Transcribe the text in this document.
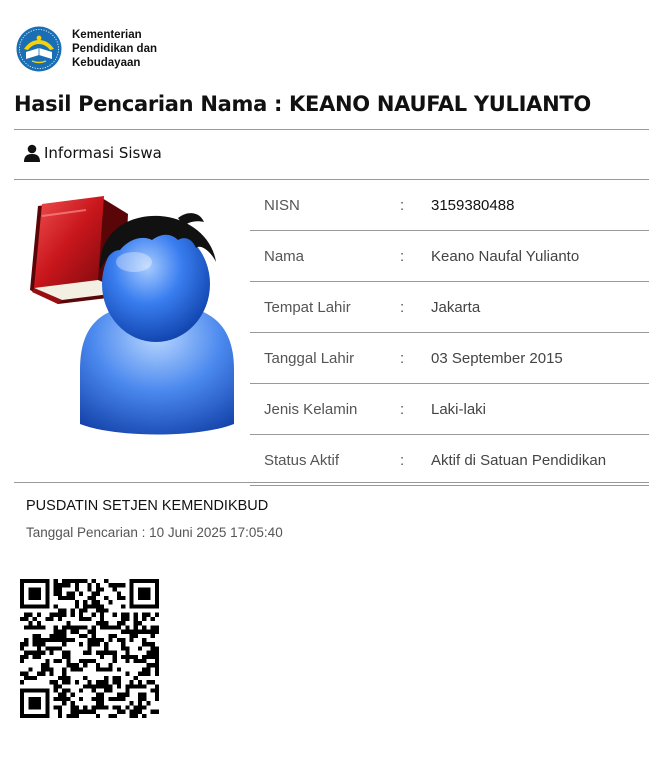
Kementerian
Pendidikan dan
Kebudayaan
Hasil Pencarian Nama : KEANO NAUFAL YULIANTO
Informasi Siswa
NISN	:	3159380488
Nama	:	Keano Naufal Yulianto
Tempat Lahir	:	Jakarta
Tanggal Lahir	:	03 September 2015
Jenis Kelamin	:	Laki-laki
Status Aktif	:	Aktif di Satuan Pendidikan
PUSDATIN SETJEN KEMENDIKBUD
Tanggal Pencarian : 10 Juni 2025 17:05:40
